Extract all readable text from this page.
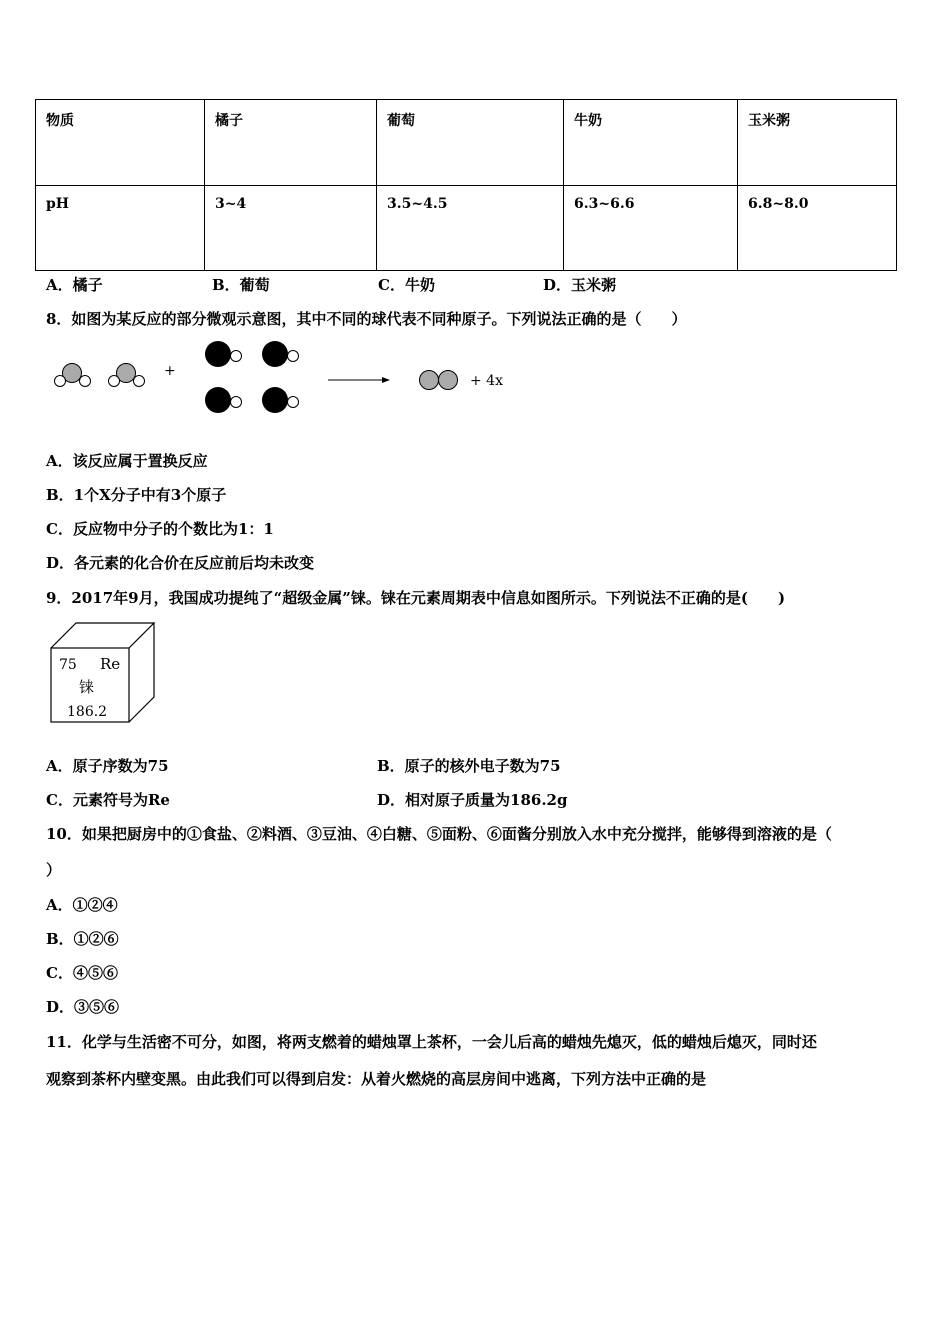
物质	橘子	葡萄	牛奶	玉米粥
pH	3~4	3.5~4.5	6.3~6.6	6.8~8.0
A．橘子	B．葡萄	C．牛奶	D．玉米粥
8．如图为某反应的部分微观示意图，其中不同的球代表不同种原子。下列说法正确的是（　　）
+
+ 4x
A．该反应属于置换反应
B．1个X分子中有3个原子
C．反应物中分子的个数比为1：1
D．各元素的化合价在反应前后均未改变
9．2017年9月，我国成功提纯了“超级金属”铼。铼在元素周期表中信息如图所示。下列说法不正确的是(　　)
75 Re
铼
186.2
A．原子序数为75	B．原子的核外电子数为75
C．元素符号为Re	D．相对原子质量为186.2g
10．如果把厨房中的①食盐、②料酒、③豆油、④白糖、⑤面粉、⑥面酱分别放入水中充分搅拌，能够得到溶液的是（
）
A．①②④
B．①②⑥
C．④⑤⑥
D．③⑤⑥
11．化学与生活密不可分，如图，将两支燃着的蜡烛罩上茶杯，一会儿后高的蜡烛先熄灭，低的蜡烛后熄灭，同时还
观察到茶杯内壁变黑。由此我们可以得到启发：从着火燃烧的高层房间中逃离，下列方法中正确的是
